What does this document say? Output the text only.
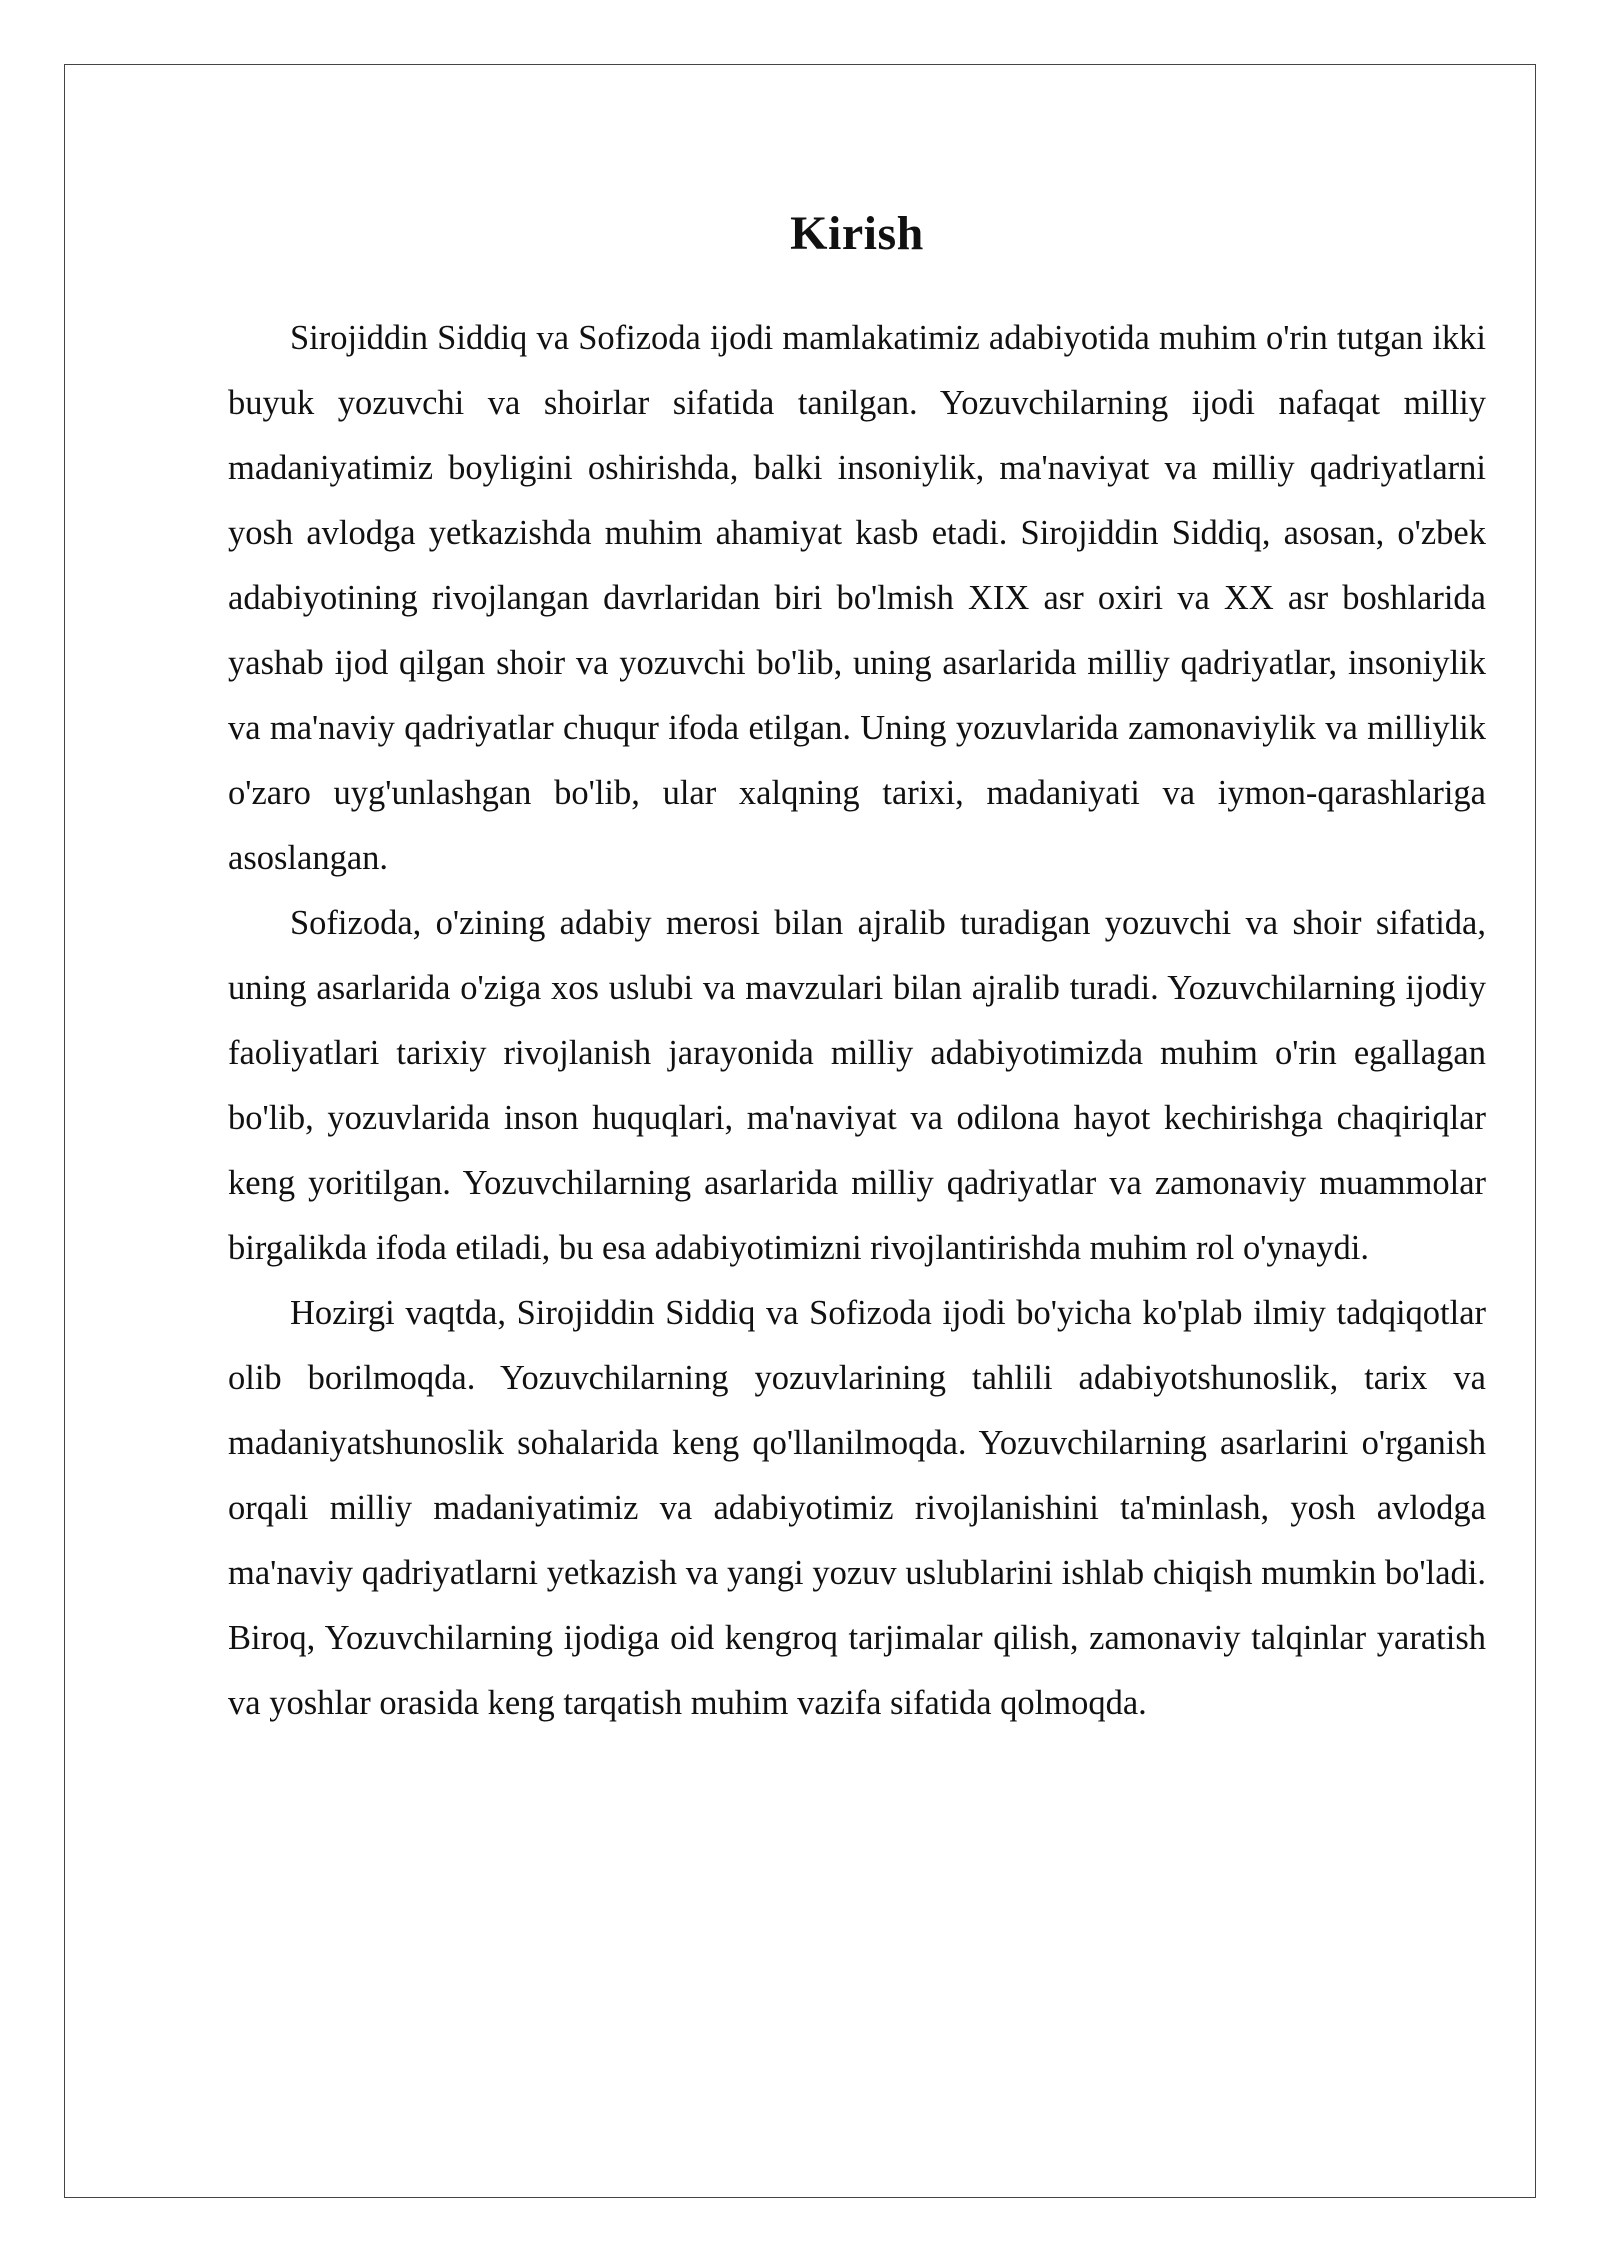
Kirish

Sirojiddin Siddiq va Sofizoda ijodi mamlakatimiz adabiyotida muhim o'rin tutgan ikki buyuk yozuvchi va shoirlar sifatida tanilgan. Yozuvchilarning ijodi nafaqat milliy madaniyatimiz boyligini oshirishda, balki insoniylik, ma'naviyat va milliy qadriyatlarni yosh avlodga yetkazishda muhim ahamiyat kasb etadi. Sirojiddin Siddiq, asosan, o'zbek adabiyotining rivojlangan davrlaridan biri bo'lmish XIX asr oxiri va XX asr boshlarida yashab ijod qilgan shoir va yozuvchi bo'lib, uning asarlarida milliy qadriyatlar, insoniylik va ma'naviy qadriyatlar chuqur ifoda etilgan. Uning yozuvlarida zamonaviylik va milliylik o'zaro uyg'unlashgan bo'lib, ular xalqning tarixi, madaniyati va iymon-qarashlariga asoslangan.

Sofizoda, o'zining adabiy merosi bilan ajralib turadigan yozuvchi va shoir sifatida, uning asarlarida o'ziga xos uslubi va mavzulari bilan ajralib turadi. Yozuvchilarning ijodiy faoliyatlari tarixiy rivojlanish jarayonida milliy adabiyotimizda muhim o'rin egallagan bo'lib, yozuvlarida inson huquqlari, ma'naviyat va odilona hayot kechirishga chaqiriqlar keng yoritilgan. Yozuvchilarning asarlarida milliy qadriyatlar va zamonaviy muammolar birgalikda ifoda etiladi, bu esa adabiyotimizni rivojlantirishda muhim rol o'ynaydi.

Hozirgi vaqtda, Sirojiddin Siddiq va Sofizoda ijodi bo'yicha ko'plab ilmiy tadqiqotlar olib borilmoqda. Yozuvchilarning yozuvlarining tahlili adabiyotshunoslik, tarix va madaniyatshunoslik sohalarida keng qo'llanilmoqda. Yozuvchilarning asarlarini o'rganish orqali milliy madaniyatimiz va adabiyotimiz rivojlanishini ta'minlash, yosh avlodga ma'naviy qadriyatlarni yetkazish va yangi yozuv uslublarini ishlab chiqish mumkin bo'ladi. Biroq, Yozuvchilarning ijodiga oid kengroq tarjimalar qilish, zamonaviy talqinlar yaratish va yoshlar orasida keng tarqatish muhim vazifa sifatida qolmoqda.
